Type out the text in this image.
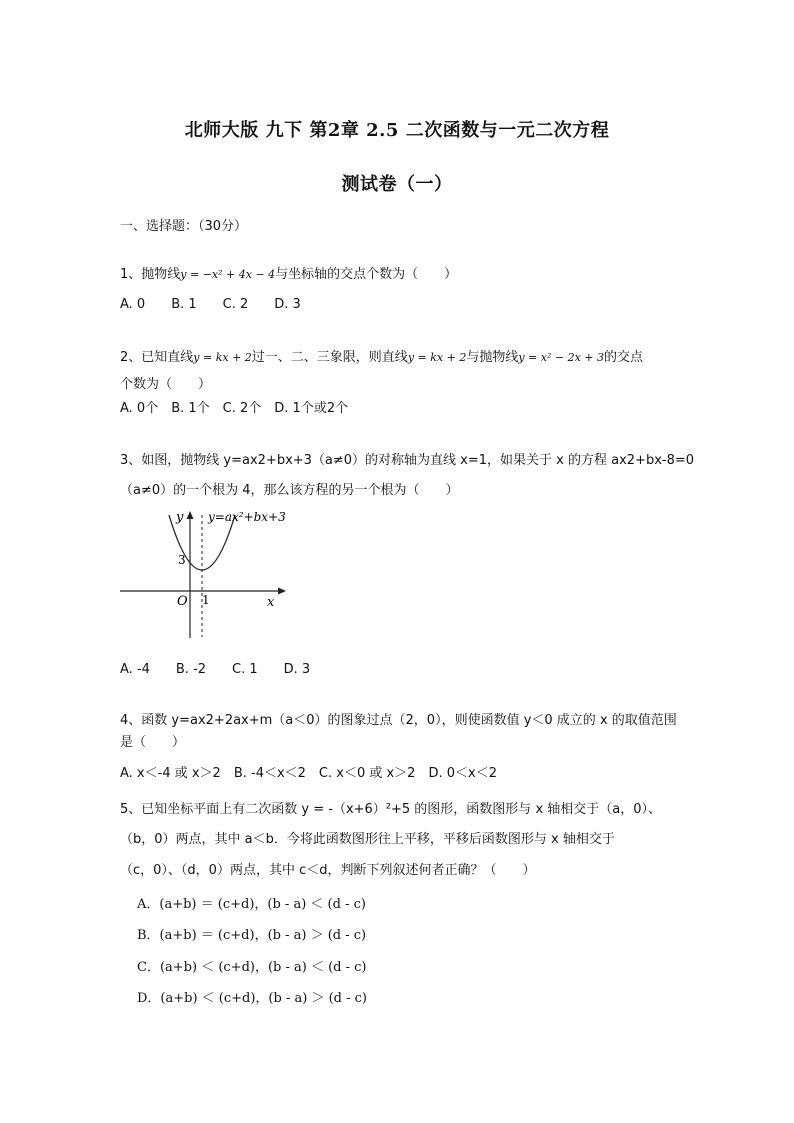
北师大版 九下 第2章 2.5 二次函数与一元二次方程
测试卷（一）
一、选择题：（30分）
1、抛物线y = −x² + 4x − 4与坐标轴的交点个数为（　　）
A. 0　　B. 1　　C. 2　　D. 3
2、已知直线y = kx + 2过一、二、三象限，则直线y = kx + 2与抛物线y = x² − 2x + 3的交点
个数为（　　）
A. 0个　B. 1个　C. 2个　D. 1个或2个
3、如图，抛物线 y=ax2+bx+3（a≠0）的对称轴为直线 x=1，如果关于 x 的方程 ax2+bx-8=0
（a≠0）的一个根为 4，那么该方程的另一个根为（　　）
y y=ax²+bx+3
3
O 1	x
A. -4　　B. -2　　C. 1　　D. 3
4、函数 y=ax2+2ax+m（a＜0）的图象过点（2，0），则使函数值 y＜0 成立的 x 的取值范围
是（　　）
A. x＜-4 或 x＞2　B. -4＜x＜2　C. x＜0 或 x＞2　D. 0＜x＜2
5、已知坐标平面上有二次函数 y = -（x+6）²+5 的图形，函数图形与 x 轴相交于（a，0）、
（b，0）两点，其中 a＜b．今将此函数图形往上平移，平移后函数图形与 x 轴相交于
（c，0）、（d，0）两点，其中 c＜d，判断下列叙述何者正确？（　　）
A．(a+b) ＝ (c+d)，(b - a) ＜ (d - c)
B．(a+b) ＝ (c+d)，(b - a) ＞ (d - c)
C．(a+b) ＜ (c+d)，(b - a) ＜ (d - c)
D．(a+b) ＜ (c+d)，(b - a) ＞ (d - c)
